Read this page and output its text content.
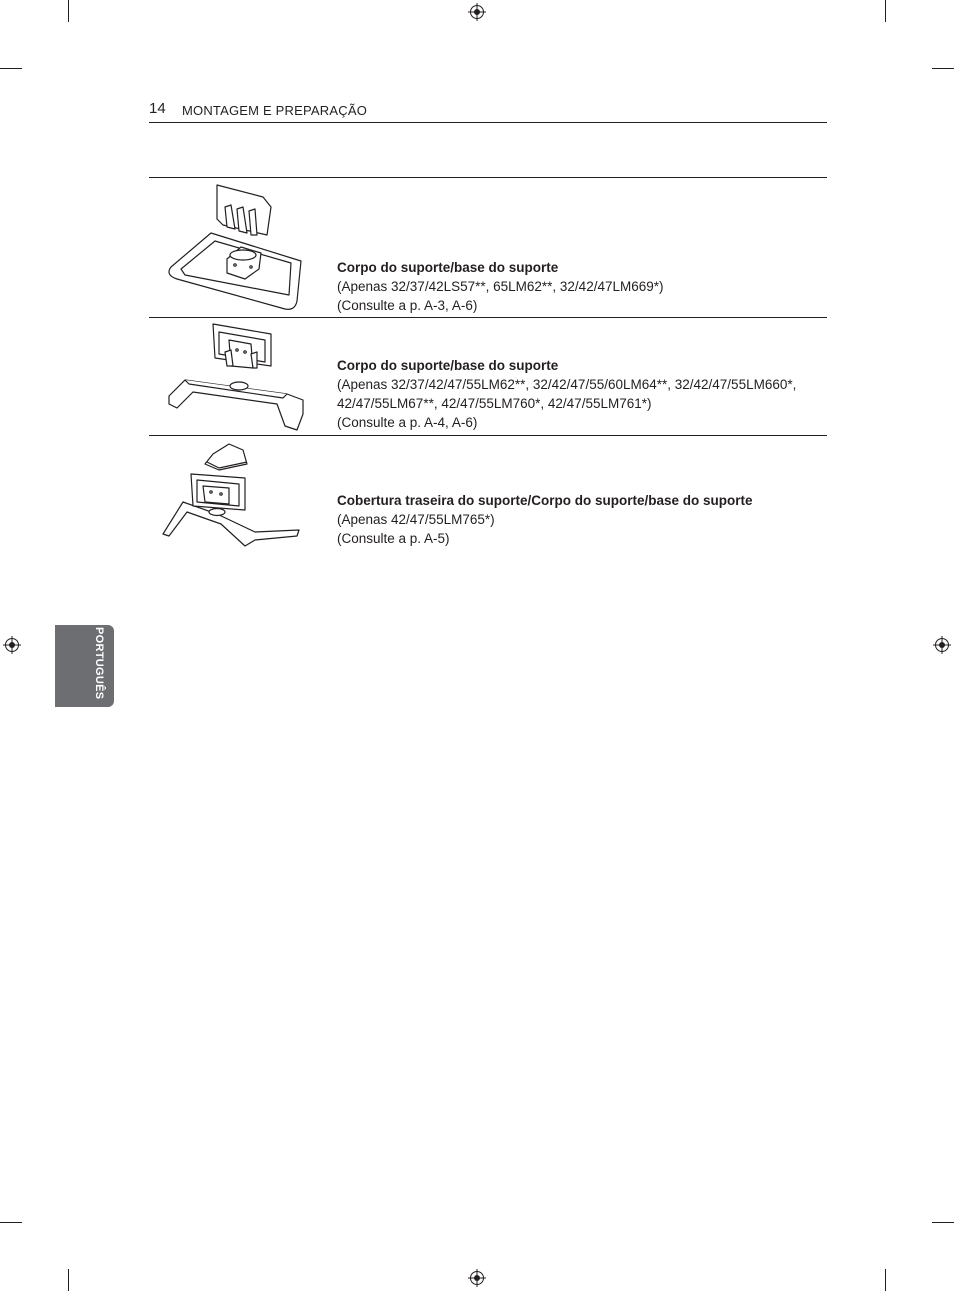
14 MONTAGEM E PREPARAÇÃO
Corpo do suporte/base do suporte
(Apenas 32/37/42LS57**, 65LM62**, 32/42/47LM669*)
(Consulte a p. A-3, A-6)
Corpo do suporte/base do suporte
(Apenas 32/37/42/47/55LM62**, 32/42/47/55/60LM64**, 32/42/47/55LM660*,
42/47/55LM67**, 42/47/55LM760*, 42/47/55LM761*)
(Consulte a p. A-4, A-6)
Cobertura traseira do suporte/Corpo do suporte/base do suporte
(Apenas 42/47/55LM765*)
(Consulte a p. A-5)
PORTUGUÊS
